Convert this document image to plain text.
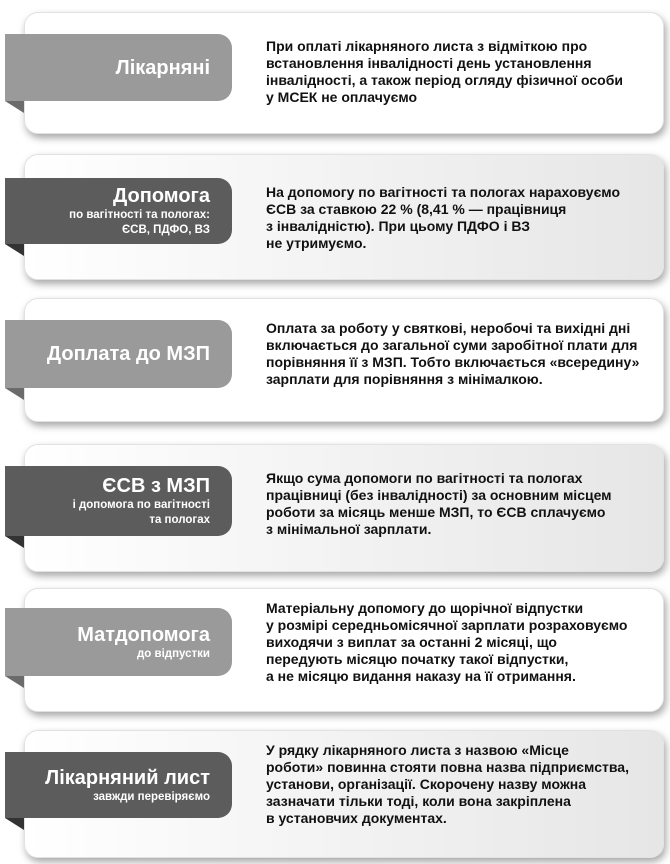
Лікарняні
При оплаті лікарняного листа з відміткою про
встановлення інвалідності день установлення
інвалідності, а також період огляду фізичної особи
у МСЕК не оплачуємо
Допомога
по вагітності та пологах:
ЄСВ, ПДФО, ВЗ
На допомогу по вагітності та пологах нараховуємо
ЄСВ за ставкою 22 % (8,41 % — працівниця
з інвалідністю). При цьому ПДФО і ВЗ
не утримуємо.
Доплата до МЗП
Оплата за роботу у святкові, неробочі та вихідні дні
включається до загальної суми заробітної плати для
порівняння її з МЗП. Тобто включається «всередину»
зарплати для порівняння з мінімалкою.
ЄСВ з МЗП
і допомога по вагітності
та пологах
Якщо сума допомоги по вагітності та пологах
працівниці (без інвалідності) за основним місцем
роботи за місяць менше МЗП, то ЄСВ сплачуємо
з мінімальної зарплати.
Матдопомога
до відпустки
Матеріальну допомогу до щорічної відпустки
у розмірі середньомісячної зарплати розраховуємо
виходячи з виплат за останні 2 місяці, що
передують місяцю початку такої відпустки,
а не місяцю видання наказу на її отримання.
Лікарняний лист
завжди перевіряємо
У рядку лікарняного листа з назвою «Місце
роботи» повинна стояти повна назва підприємства,
установи, організації. Скорочену назву можна
зазначати тільки тоді, коли вона закріплена
в установчих документах.
